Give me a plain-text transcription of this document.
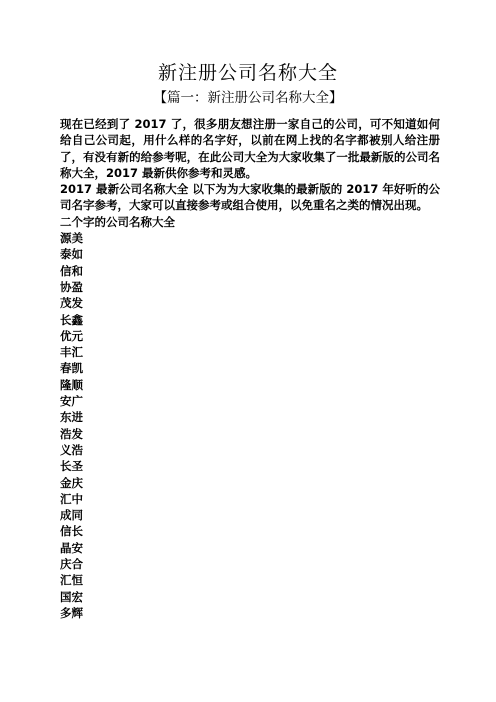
新注册公司名称大全
【篇一：新注册公司名称大全】

现在已经到了 2017 了，很多朋友想注册一家自己的公司，可不知道如何给自己公司起，用什么样的名字好，以前在网上找的名字都被别人给注册了，有没有新的给参考呢，在此公司大全为大家收集了一批最新版的公司名称大全，2017 最新供你参考和灵感。

2017 最新公司名称大全 以下为为大家收集的最新版的 2017 年好听的公司名字参考，大家可以直接参考或组合使用，以免重名之类的情况出现。

二个字的公司名称大全

源美
泰如
信和
协盈
茂发
长鑫
优元
丰汇
春凯
隆顺
安广
东进
浩发
义浩
长圣
金庆
汇中
成同
信长
晶安
庆合
汇恒
国宏
多辉
